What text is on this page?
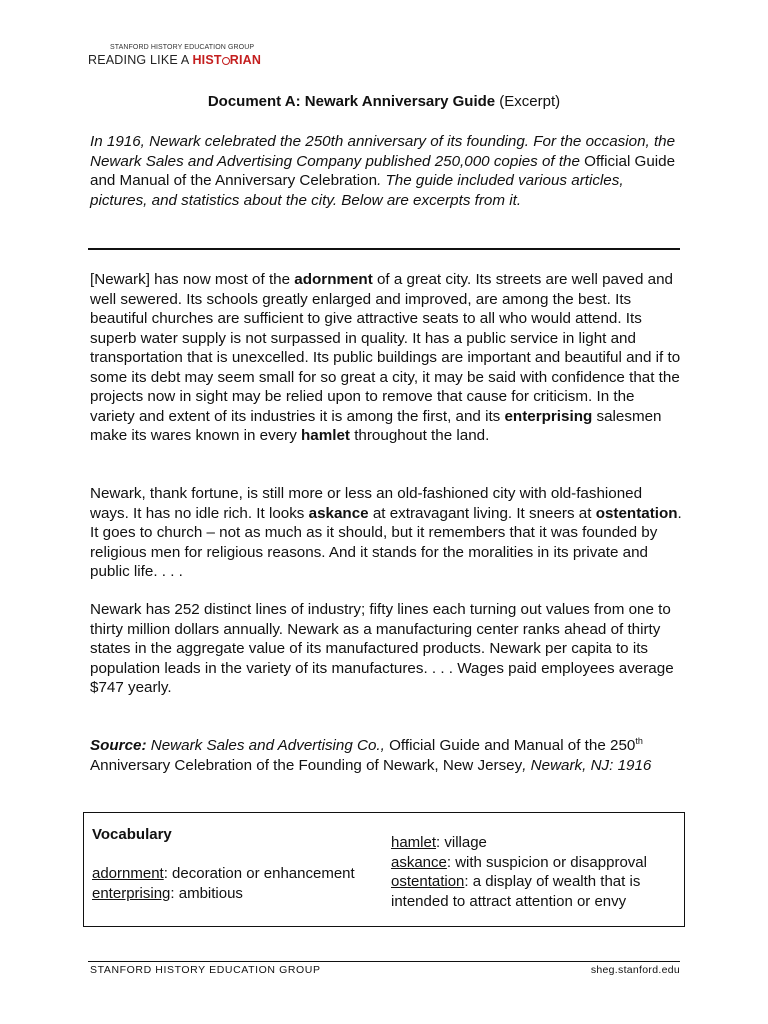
STANFORD HISTORY EDUCATION GROUP
READING LIKE A HIST RIAN
Document A: Newark Anniversary Guide (Excerpt)
In 1916, Newark celebrated the 250th anniversary of its founding. For the occasion, the Newark Sales and Advertising Company published 250,000 copies of the Official Guide and Manual of the Anniversary Celebration. The guide included various articles, pictures, and statistics about the city. Below are excerpts from it.
[Newark] has now most of the adornment of a great city. Its streets are well paved and well sewered. Its schools greatly enlarged and improved, are among the best. Its beautiful churches are sufficient to give attractive seats to all who would attend. Its superb water supply is not surpassed in quality. It has a public service in light and transportation that is unexcelled. Its public buildings are important and beautiful and if to some its debt may seem small for so great a city, it may be said with confidence that the projects now in sight may be relied upon to remove that cause for criticism. In the variety and extent of its industries it is among the first, and its enterprising salesmen make its wares known in every hamlet throughout the land.
Newark, thank fortune, is still more or less an old-fashioned city with old-fashioned ways. It has no idle rich. It looks askance at extravagant living. It sneers at ostentation. It goes to church – not as much as it should, but it remembers that it was founded by religious men for religious reasons. And it stands for the moralities in its private and public life. . . .
Newark has 252 distinct lines of industry; fifty lines each turning out values from one to thirty million dollars annually. Newark as a manufacturing center ranks ahead of thirty states in the aggregate value of its manufactured products. Newark per capita to its population leads in the variety of its manufactures. . . . Wages paid employees average $747 yearly.
Source: Newark Sales and Advertising Co., Official Guide and Manual of the 250th Anniversary Celebration of the Founding of Newark, New Jersey, Newark, NJ: 1916
Vocabulary
adornment: decoration or enhancement
enterprising: ambitious
hamlet: village
askance: with suspicion or disapproval
ostentation: a display of wealth that is intended to attract attention or envy
STANFORD HISTORY EDUCATION GROUP	sheg.stanford.edu
